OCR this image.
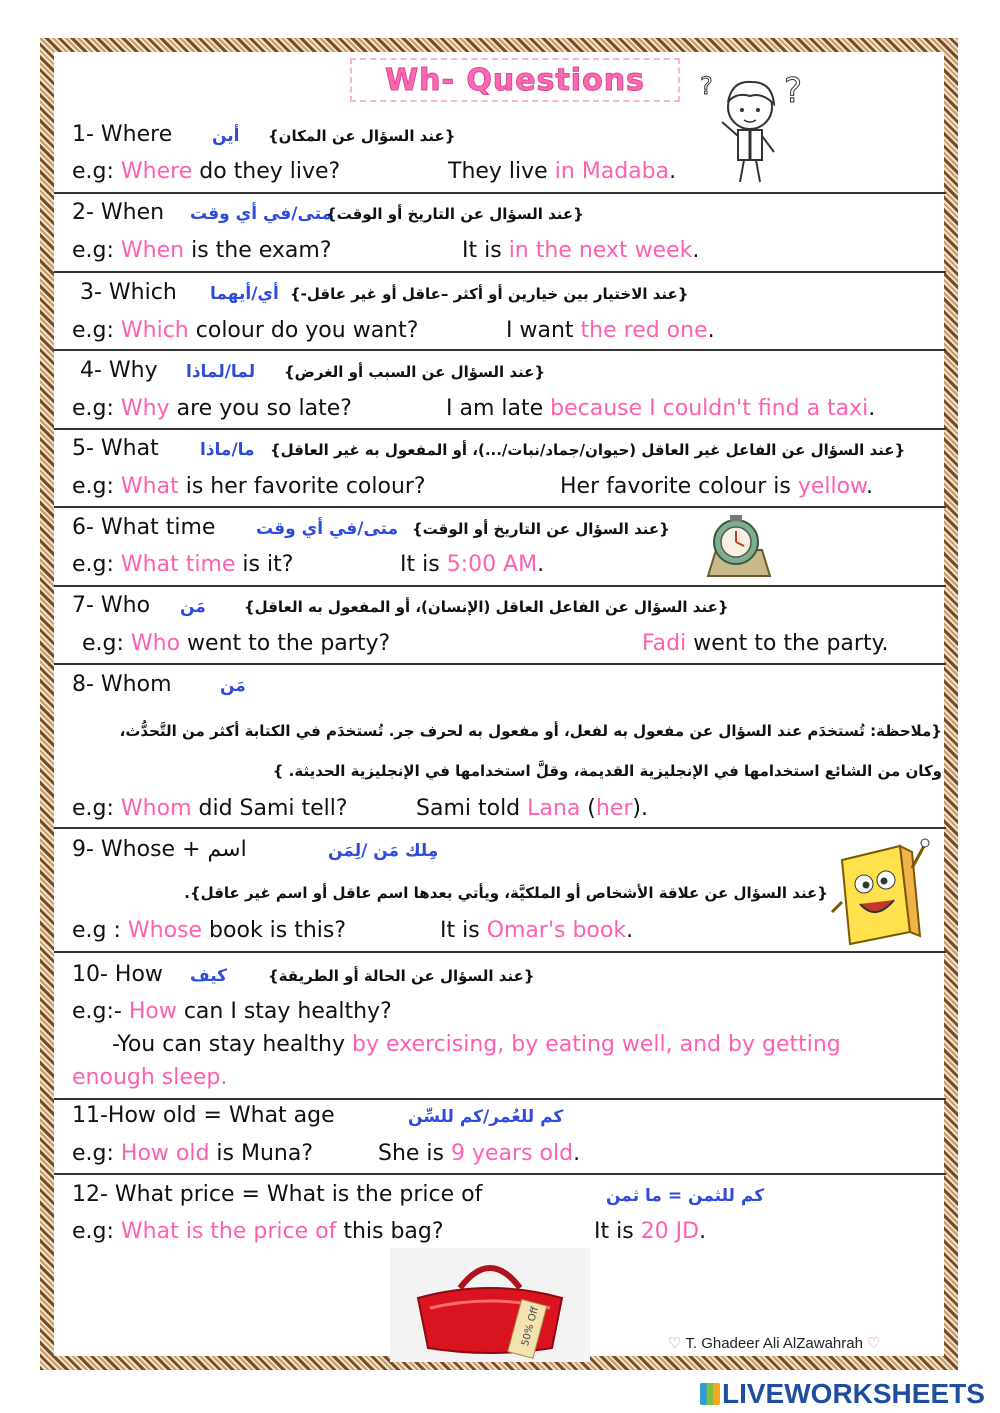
Wh- Questions	?
?
1- Where أين {عند السؤال عن المكان}
e.g: Where do they live?	They live in Madaba.
2- When متى/في أي وقت
{عند السؤال عن التاريخ أو الوقت}
e.g: When is the exam?	It is in the next week.
3- Which أي/أيهما {عند الاختيار بين خيارين أو أكثر –عاقل أو غير عاقل-}
e.g: Which colour do you want?	I want the red one.
4- Why لما/لماذا {عند السؤال عن السبب أو الغرض}
e.g: Why are you so late?	I am late because I couldn't find a taxi.
5- What ما/ماذا {عند السؤال عن الفاعل غير العاقل (حيوان/جماد/نبات/...)، أو المفعول به غير العاقل}
e.g: What is her favorite colour?	Her favorite colour is yellow.
6- What time متى/في أي وقت {عند السؤال عن التاريخ أو الوقت}
e.g: What time is it?	It is 5:00 AM.
7- Who مَن	{عند السؤال عن الفاعل العاقل (الإنسان)، أو المفعول به العاقل}
e.g: Who went to the party?	Fadi went to the party.
8- Whom	مَن
{ملاحظة: تُستخدَم عند السؤال عن مفعول به لفعل، أو مفعول به لحرف جر. تُستخدَم في الكتابة أكثر من التَّحدُّث،
وكان من الشائع استخدامها في الإنجليزية القديمة، وقلَّ استخدامها في الإنجليزية الحديثة. }
e.g: Whom did Sami tell?	Sami told Lana (her).
9- Whose + اسم	مِلك مَن /لِمَن
{عند السؤال عن علاقة الأشخاص أو الملكيَّة، ويأتي بعدها اسم عاقل أو اسم غير عاقل}.
e.g : Whose book is this?	It is Omar's book.
10- How كيف	{عند السؤال عن الحالة أو الطريقة}
e.g:- How can I stay healthy?
-You can stay healthy by exercising, by eating well, and by getting
enough sleep.
11-How old = What age	كم للعُمر/كم للسِّن
e.g: How old is Muna?	She is 9 years old.
12- What price = What is the price of	كم للثمن = ما ثمن
e.g: What is the price of this bag?	It is 20 JD.
50% Off	♡ T. Ghadeer Ali AlZawahrah ♡
LIVEWORKSHEETS
